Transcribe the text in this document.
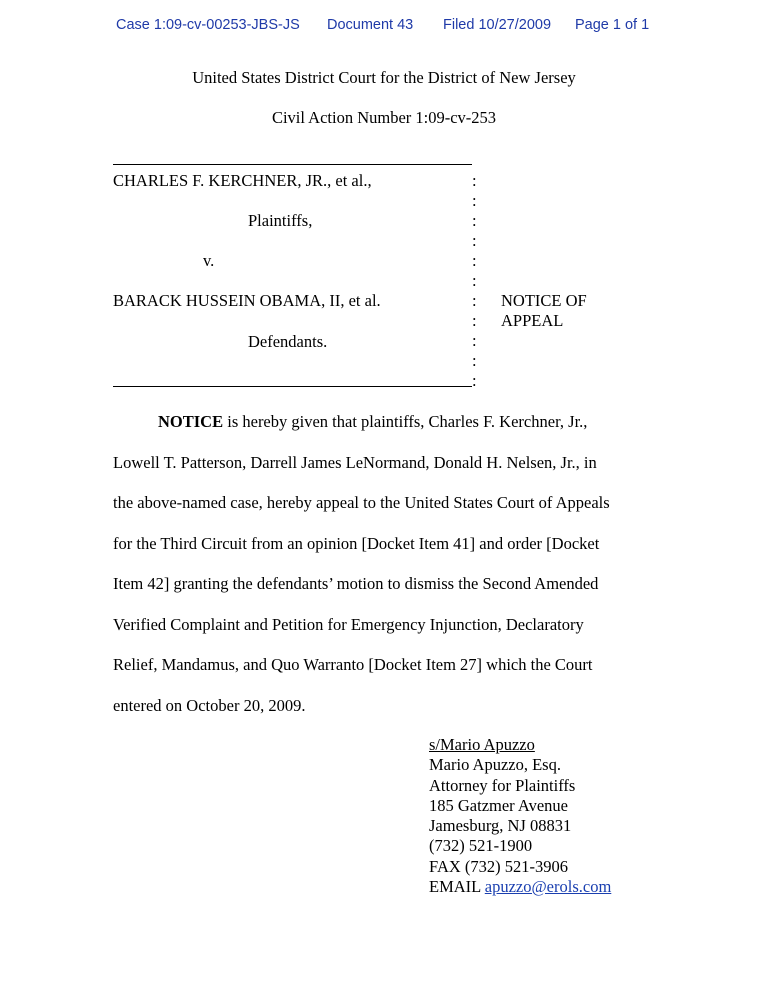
Case 1:09-cv-00253-JBS-JS Document 43 Filed 10/27/2009 Page 1 of 1
United States District Court for the District of New Jersey
Civil Action Number 1:09-cv-253
CHARLES F. KERCHNER, JR., et al.,
Plaintiffs,
v.
BARACK HUSSEIN OBAMA, II, et al.
Defendants.
:
:
:
:
:
:
:
:
:
:
:
NOTICE OF
APPEAL
NOTICE is hereby given that plaintiffs, Charles F. Kerchner, Jr.,
Lowell T. Patterson, Darrell James LeNormand, Donald H. Nelsen, Jr., in
the above-named case, hereby appeal to the United States Court of Appeals
for the Third Circuit from an opinion [Docket Item 41] and order [Docket
Item 42] granting the defendants’ motion to dismiss the Second Amended
Verified Complaint and Petition for Emergency Injunction, Declaratory
Relief, Mandamus, and Quo Warranto [Docket Item 27] which the Court
entered on October 20, 2009.
s/Mario Apuzzo
Mario Apuzzo, Esq.
Attorney for Plaintiffs
185 Gatzmer Avenue
Jamesburg, NJ 08831
(732) 521-1900
FAX (732) 521-3906
EMAIL apuzzo@erols.com
